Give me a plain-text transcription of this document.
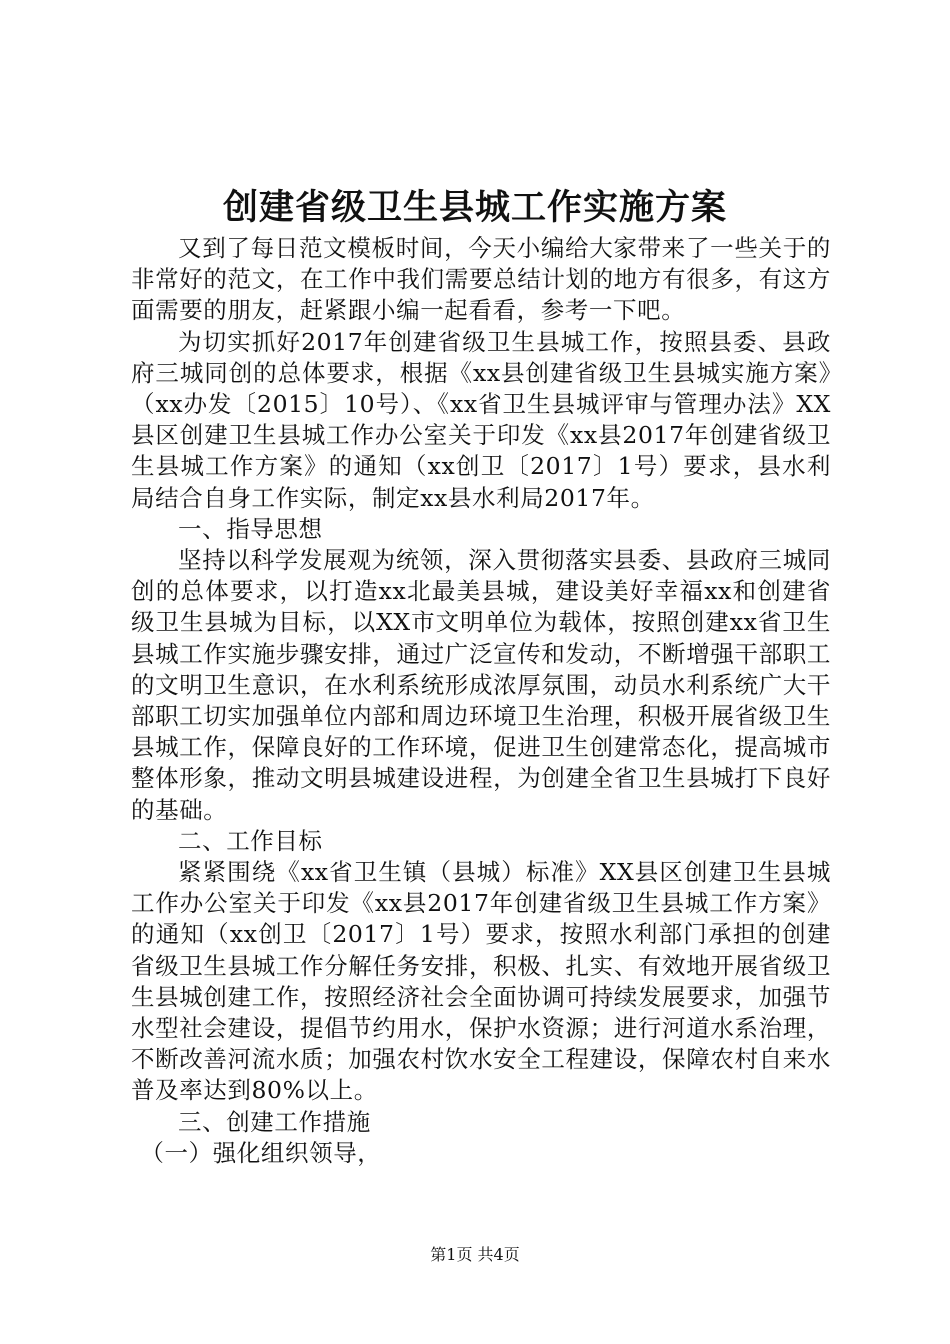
创建省级卫生县城工作实施方案

又到了每日范文模板时间，今天小编给大家带来了一些关于的非常好的范文，在工作中我们需要总结计划的地方有很多，有这方面需要的朋友，赶紧跟小编一起看看，参考一下吧。

为切实抓好2017年创建省级卫生县城工作，按照县委、县政府三城同创的总体要求，根据《xx县创建省级卫生县城实施方案》（xx办发〔2015〕10号）、《xx省卫生县城评审与管理办法》XX县区创建卫生县城工作办公室关于印发《xx县2017年创建省级卫生县城工作方案》的通知（xx创卫〔2017〕1号）要求，县水利局结合自身工作实际，制定xx县水利局2017年。

一、指导思想

坚持以科学发展观为统领，深入贯彻落实县委、县政府三城同创的总体要求，以打造xx北最美县城，建设美好幸福xx和创建省级卫生县城为目标，以XX市文明单位为载体，按照创建xx省卫生县城工作实施步骤安排，通过广泛宣传和发动，不断增强干部职工的文明卫生意识，在水利系统形成浓厚氛围，动员水利系统广大干部职工切实加强单位内部和周边环境卫生治理，积极开展省级卫生县城工作，保障良好的工作环境，促进卫生创建常态化，提高城市整体形象，推动文明县城建设进程，为创建全省卫生县城打下良好的基础。

二、工作目标

紧紧围绕《xx省卫生镇（县城）标准》XX县区创建卫生县城工作办公室关于印发《xx县2017年创建省级卫生县城工作方案》的通知（xx创卫〔2017〕1号）要求，按照水利部门承担的创建省级卫生县城工作分解任务安排，积极、扎实、有效地开展省级卫生县城创建工作，按照经济社会全面协调可持续发展要求，加强节水型社会建设，提倡节约用水，保护水资源；进行河道水系治理，不断改善河流水质；加强农村饮水安全工程建设，保障农村自来水普及率达到80%以上。

三、创建工作措施

（一）强化组织领导，

第1页 共4页
